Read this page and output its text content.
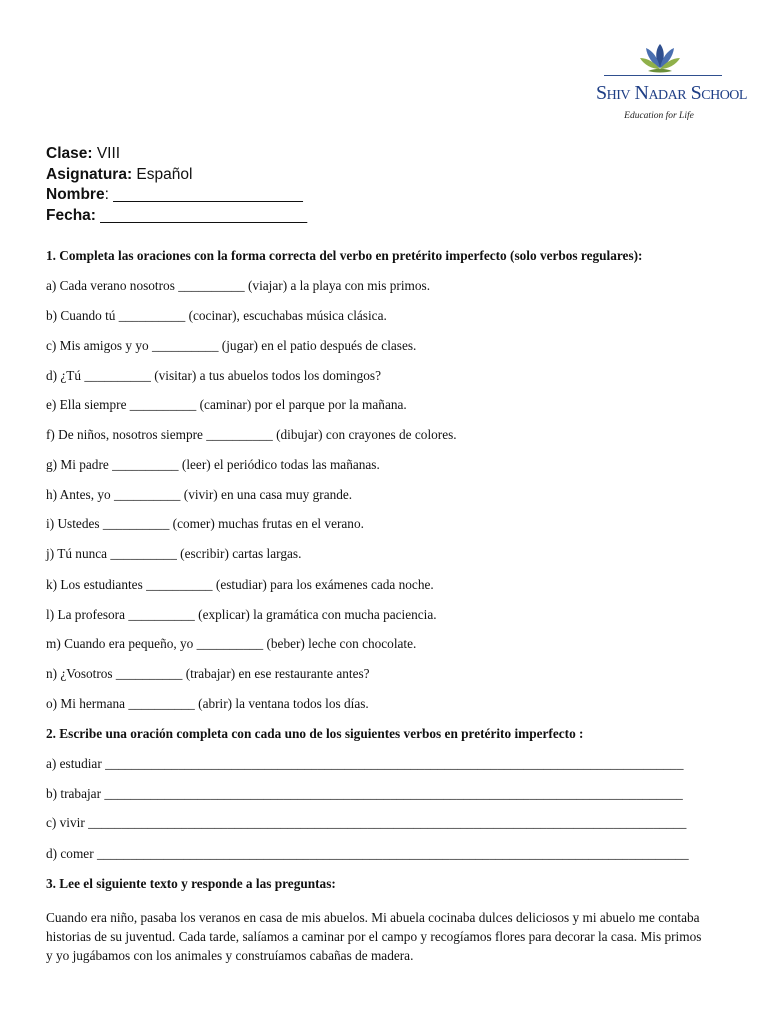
Shiv Nadar School
Education for Life
Clase: VIII
Asignatura: Español
Nombre: ______________________
Fecha: ________________________
1. Completa las oraciones con la forma correcta del verbo en pretérito imperfecto (solo verbos regulares):
a) Cada verano nosotros __________ (viajar) a la playa con mis primos.
b) Cuando tú __________ (cocinar), escuchabas música clásica.
c) Mis amigos y yo __________ (jugar) en el patio después de clases.
d) ¿Tú __________ (visitar) a tus abuelos todos los domingos?
e) Ella siempre __________ (caminar) por el parque por la mañana.
f) De niños, nosotros siempre __________ (dibujar) con crayones de colores.
g) Mi padre __________ (leer) el periódico todas las mañanas.
h) Antes, yo __________ (vivir) en una casa muy grande.
i) Ustedes __________ (comer) muchas frutas en el verano.
j) Tú nunca __________ (escribir) cartas largas.
k) Los estudiantes __________ (estudiar) para los exámenes cada noche.
l) La profesora __________ (explicar) la gramática con mucha paciencia.
m) Cuando era pequeño, yo __________ (beber) leche con chocolate.
n) ¿Vosotros __________ (trabajar) en ese restaurante antes?
o) Mi hermana __________ (abrir) la ventana todos los días.
2. Escribe una oración completa con cada uno de los siguientes verbos en pretérito imperfecto :
a) estudiar _______________________________________________________________________________________
b) trabajar _______________________________________________________________________________________
c) vivir __________________________________________________________________________________________
d) comer _________________________________________________________________________________________
3. Lee el siguiente texto y responde a las preguntas:
Cuando era niño, pasaba los veranos en casa de mis abuelos. Mi abuela cocinaba dulces deliciosos y mi abuelo me contaba historias de su juventud. Cada tarde, salíamos a caminar por el campo y recogíamos flores para decorar la casa. Mis primos y yo jugábamos con los animales y construíamos cabañas de madera.
